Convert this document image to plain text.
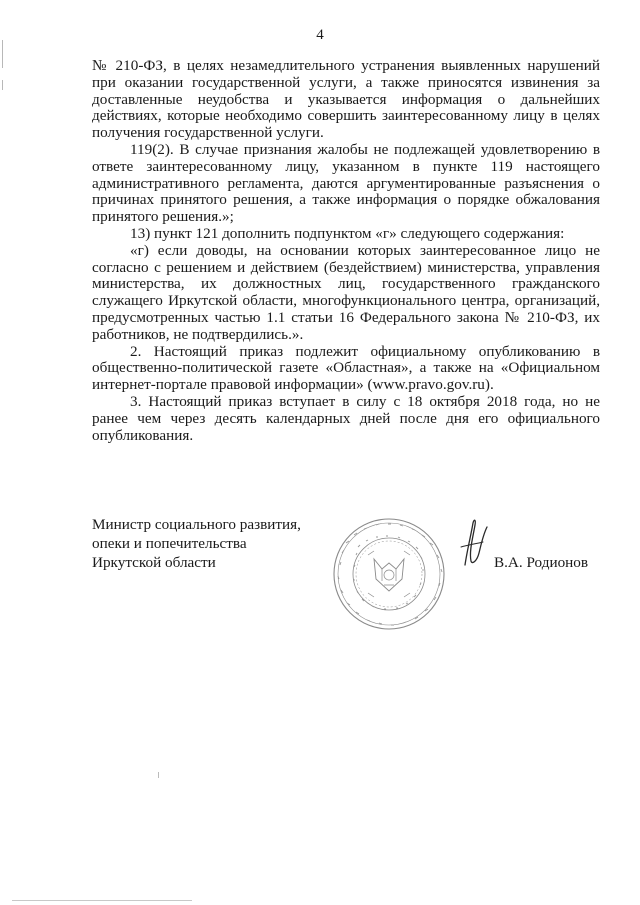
4

№ 210-ФЗ, в целях незамедлительного устранения выявленных нарушений при оказании государственной услуги, а также приносятся извинения за доставленные неудобства и указывается информация о дальнейших действиях, которые необходимо совершить заинтересованному лицу в целях получения государственной услуги.

119(2). В случае признания жалобы не подлежащей удовлетворению в ответе заинтересованному лицу, указанном в пункте 119 настоящего административного регламента, даются аргументированные разъяснения о причинах принятого решения, а также информация о порядке обжалования принятого решения.»;

13) пункт 121 дополнить подпунктом «г» следующего содержания:

«г) если доводы, на основании которых заинтересованное лицо не согласно с решением и действием (бездействием) министерства, управления министерства, их должностных лиц, государственного гражданского служащего Иркутской области, многофункционального центра, организаций, предусмотренных частью 1.1 статьи 16 Федерального закона № 210-ФЗ, их работников, не подтвердились.».

2. Настоящий приказ подлежит официальному опубликованию в общественно-политической газете «Областная», а также на «Официальном интернет-портале правовой информации» (www.pravo.gov.ru).

3. Настоящий приказ вступает в силу с 18 октября 2018 года, но не ранее чем через десять календарных дней после дня его официального опубликования.

Министр социального развития,
опеки и попечительства
Иркутской области	В.А. Родионов
